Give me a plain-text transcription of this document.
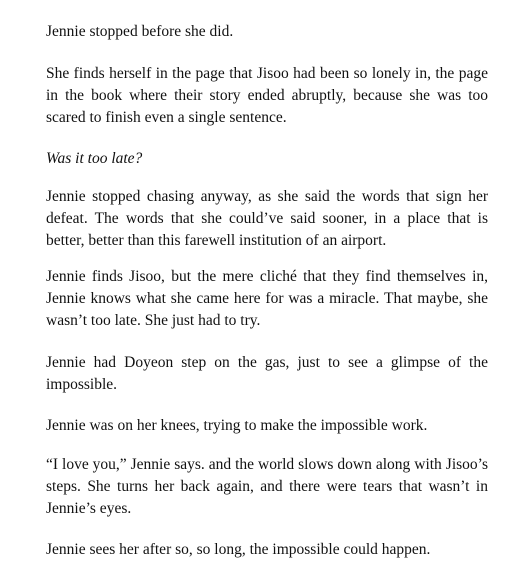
Jennie stopped before she did.

She finds herself in the page that Jisoo had been so lonely in, the page in the book where their story ended abruptly, because she was too scared to finish even a single sentence.

Was it too late?

Jennie stopped chasing anyway, as she said the words that sign her defeat. The words that she could’ve said sooner, in a place that is better, better than this farewell institution of an airport.

Jennie finds Jisoo, but the mere cliché that they find themselves in, Jennie knows what she came here for was a miracle. That maybe, she wasn’t too late. She just had to try.

Jennie had Doyeon step on the gas, just to see a glimpse of the impossible.

Jennie was on her knees, trying to make the impossible work.

“I love you,” Jennie says. and the world slows down along with Jisoo’s steps. She turns her back again, and there were tears that wasn’t in Jennie’s eyes.

Jennie sees her after so, so long, the impossible could happen.
